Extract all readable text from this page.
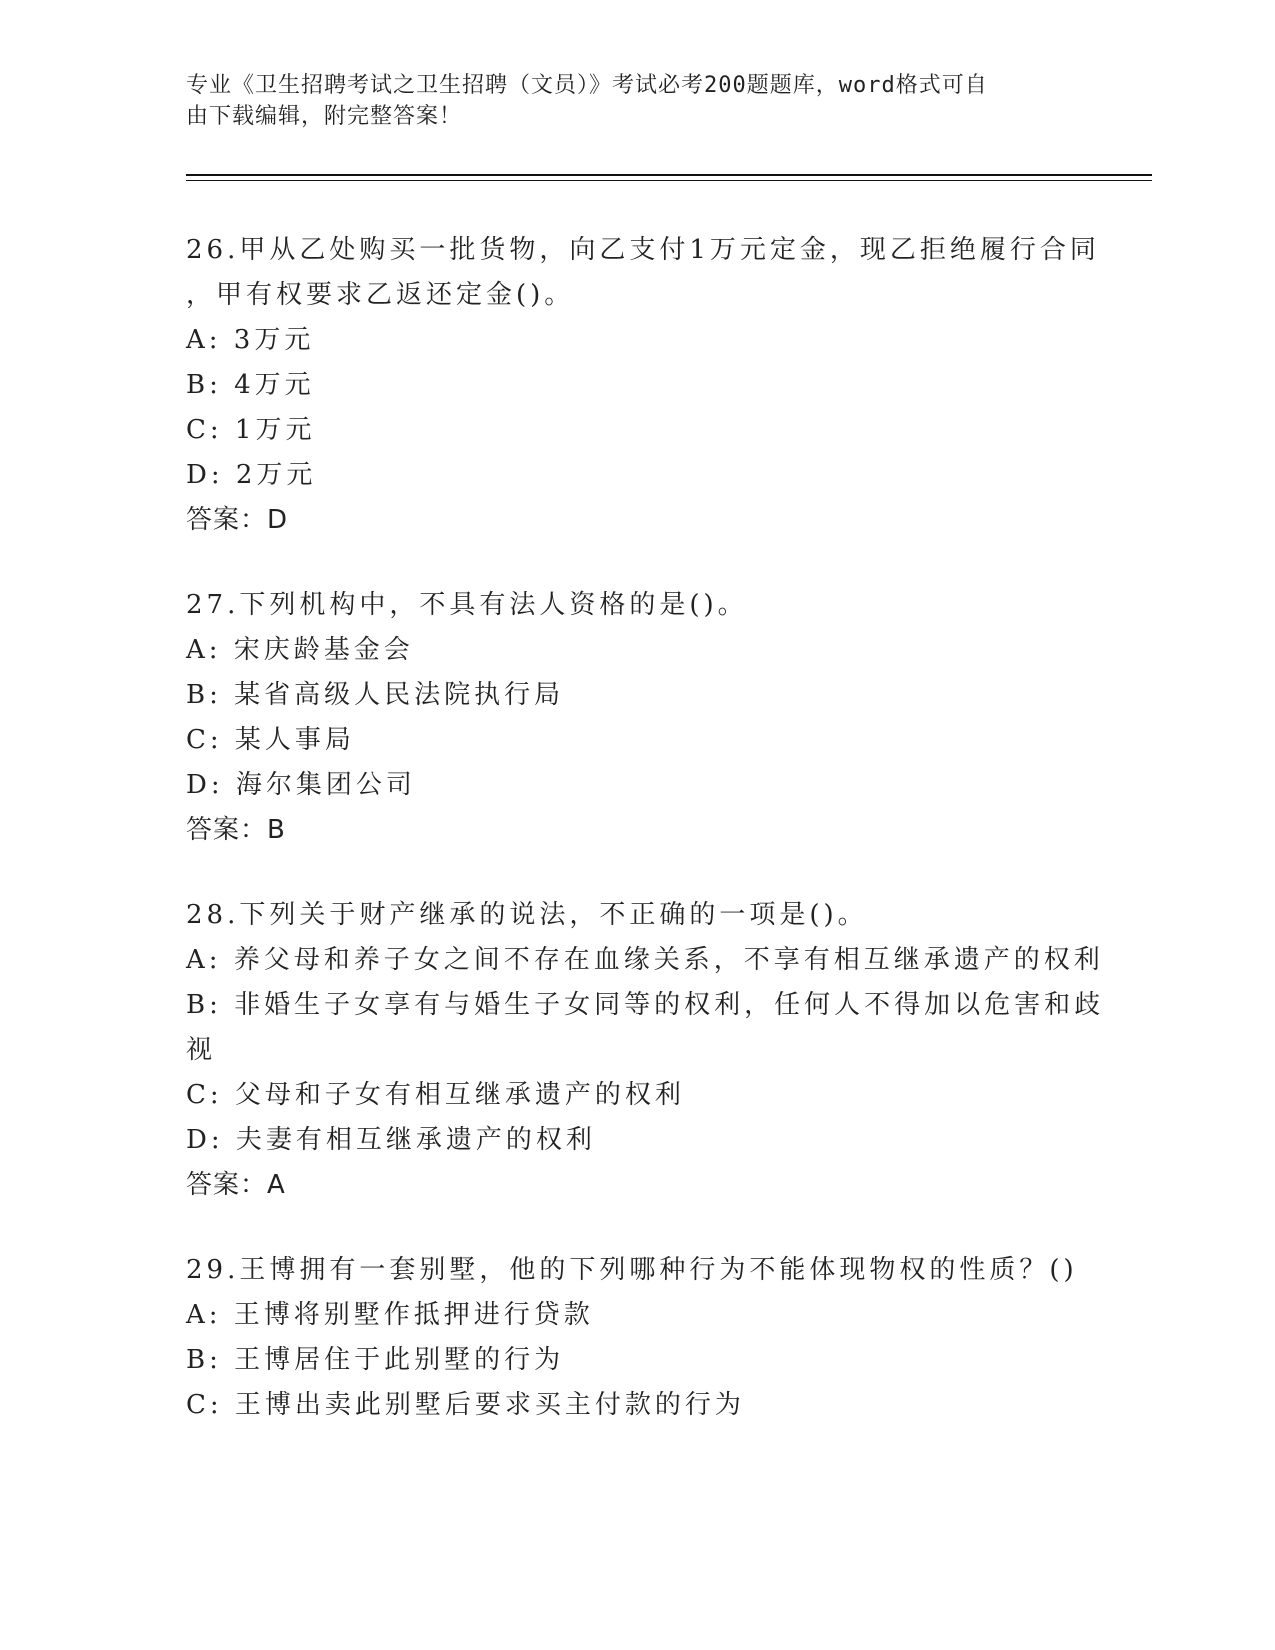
专业《卫生招聘考试之卫生招聘（文员）》考试必考200题题库，word格式可自
由下载编辑，附完整答案！
26.甲从乙处购买一批货物，向乙支付1万元定金，现乙拒绝履行合同
，甲有权要求乙返还定金()。
A: 3万元
B: 4万元
C: 1万元
D: 2万元
答案：D
27.下列机构中，不具有法人资格的是()。
A: 宋庆龄基金会
B: 某省高级人民法院执行局
C: 某人事局
D: 海尔集团公司
答案：B
28.下列关于财产继承的说法，不正确的一项是()。
A: 养父母和养子女之间不存在血缘关系，不享有相互继承遗产的权利
B: 非婚生子女享有与婚生子女同等的权利，任何人不得加以危害和歧
视
C: 父母和子女有相互继承遗产的权利
D: 夫妻有相互继承遗产的权利
答案：A
29.王博拥有一套别墅，他的下列哪种行为不能体现物权的性质？()
A: 王博将别墅作抵押进行贷款
B: 王博居住于此别墅的行为
C: 王博出卖此别墅后要求买主付款的行为
